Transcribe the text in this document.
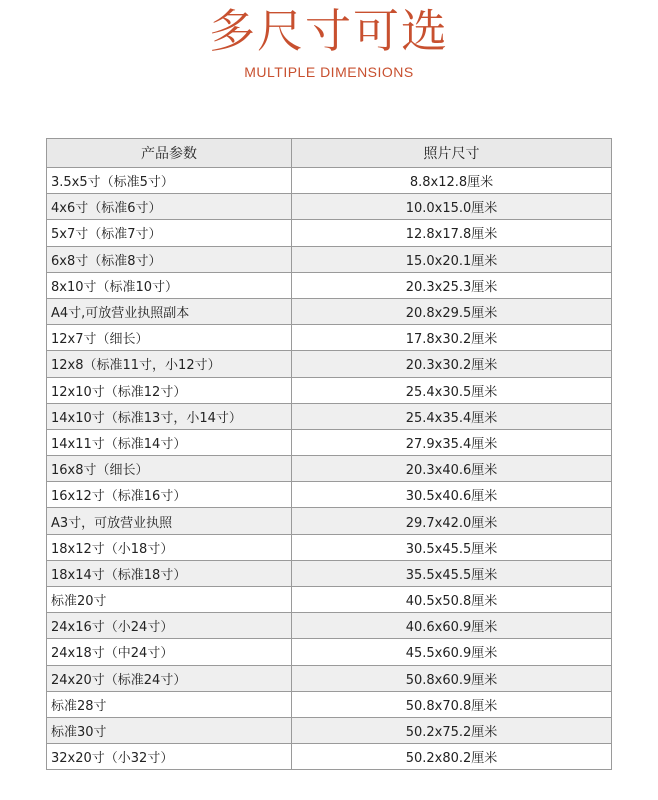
多尺寸可选
MULTIPLE DIMENSIONS
产品参数	照片尺寸
3.5x5寸（标准5寸）	8.8x12.8厘米
4x6寸（标准6寸）	10.0x15.0厘米
5x7寸（标准7寸）	12.8x17.8厘米
6x8寸（标准8寸）	15.0x20.1厘米
8x10寸（标准10寸）	20.3x25.3厘米
A4寸,可放营业执照副本	20.8x29.5厘米
12x7寸（细长）	17.8x30.2厘米
12x8（标准11寸，小12寸）	20.3x30.2厘米
12x10寸（标准12寸）	25.4x30.5厘米
14x10寸（标准13寸，小14寸）	25.4x35.4厘米
14x11寸（标准14寸）	27.9x35.4厘米
16x8寸（细长）	20.3x40.6厘米
16x12寸（标准16寸）	30.5x40.6厘米
A3寸，可放营业执照	29.7x42.0厘米
18x12寸（小18寸）	30.5x45.5厘米
18x14寸（标准18寸）	35.5x45.5厘米
标准20寸	40.5x50.8厘米
24x16寸（小24寸）	40.6x60.9厘米
24x18寸（中24寸）	45.5x60.9厘米
24x20寸（标准24寸）	50.8x60.9厘米
标准28寸	50.8x70.8厘米
标准30寸	50.2x75.2厘米
32x20寸（小32寸）	50.2x80.2厘米
